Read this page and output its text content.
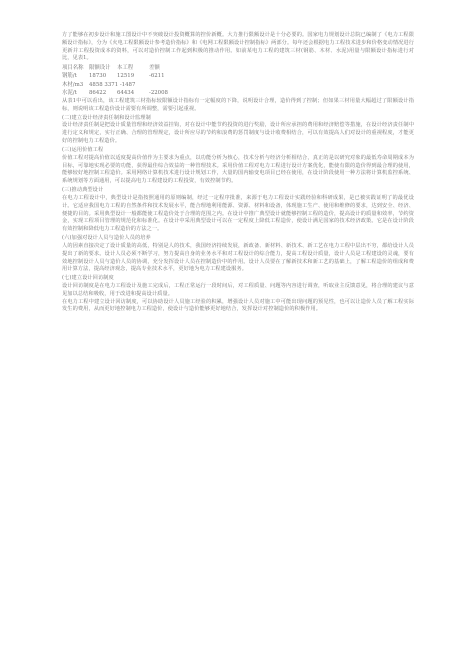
方了能够在初步设计和施工图设计中不突破设计投资概算的控价新概。大力推行限额设计是十分必要的。国家电力规划设计总院已编制了《电力工程限额设计指标》，分为《火电工程限额设计参考造价指标》和《电网工程限额设计控制指标》两部分。每年还会根据电力工程技术进步和价格变动情况进行更新并工程投资成本的资料，可以对造价控制工作起到积极的推动作用。如前某电力工程的建筑三材(钢筋、木材、水泥)用量与限额设计指标进行对比，见表1。

项目名称	限额设计	本工程	差额
钢筋/t	18730	12519	-6211
木材/m3	4858 3371 -1487
水泥/t	86422	64434	-22008

从表1中可以看出，该工程建筑三材指标较限额设计指标有一定幅度的下降，说明设计合理，造价得到了控制；但如果三材用量大幅超过了限额设计指标，则说明该工程造价设计需要有所调整，需要引起重视。

(二)建立设计经济责任制和设计监理制

设计经济责任制是把设计质量管理和经济效益挂钩，对在设计中能节约投资的进行奖励，设计所应承担的费用和经济赔偿等措施，在设计经济责任制中进行定义和规定，实行正确、合理的管理规定，设计所应尽的节约和浪费的惩罚制度与设计收费相结合，可以有效提高人们对设计的重视程度，才能更好的控制电力工程造价。

(三)运用价值工程

价值工程对提高价值以适度提高价值作为主要求为重点，以功能分析为核心，技术分析与经济分析相结合，真正的是以研究对象的最低寿命周期成本为目标，可靠地实现必要的功能，获得最佳综合效益的一种管理技术。采用价值工程对电力工程进行设计方案优化，能使有限的造价得到最合理的使用，能够较好地控制工程造价。采用网络计算机技术进行设计规划工作，大量的国内输变电项目已经在使用，在设计阶段使用一种方法将计算机监控系统、系统规划等方面通用，可以提高电力工程建设的工程投资，有效控制节约。

(三)推动典型设计

在电力工程设计中，典型设计是指按照通用的原则编制，经过一定程序批准，来源于电力工程设计实践经验和科研成果，是已被实践证明了的最优设计。它适应我国电力工程的自然条件和技术发展水平，能合理地利用能源、资源、材料和设备，体现施工生产、使用和维修的要求，达到安全、经济、便捷的目的。采用典型设计一般都能使工程造价处于合理的范围之内。在设计中推广典型设计就能够控制工程的造价，提高设计的质量和效率，节约资金，实现工程项目管理的规范化和标准化。在设计中采用典型设计可以在一定程度上降低工程造价，使设计满足国家的技术经济政策。它是在设计阶段有效控制和降低电力工程造价的方法之一。

(六)加强对设计人员与造价人员的培养

人的因素直接决定了设计质量的高低，特别是人的技术，我国经济持续发展，新政备、新材料、新技术、新工艺在电力工程中层出不穷，都给设计人员提出了新的要求。设计人员必须不断学习，努力提高自身的业务水平和对工程设计的综合能力，提高工程设计质量，设计人员是工程建设的灵魂，要有效地控制设计人员与造价人员的协调，充分发挥设计人员在控制造价中的作用。设计人员要在了解新技术和新工艺的基础上，了解工程造价的组成和费用计算方法，提高经济观念，提高专业技术水平，更好地为电力工程建设服务。

(七)建立设计回访制度

设计回访制度是在电力工程设计及施工完成后，工程正常运行一段时间后，对工程质量、问题等内容进行调查，听取业主反馈意见，将合理的建议与意见加以总结和吸收，用于改进和提高设计质量。

在电力工程中建立设计回访制度，可以协助设计人员施工经验的积累，增强设计人员对施工中可能出现问题的预见性，也可以让造价人员了解工程实际发生的费用，从而更好地控制电力工程造价，使设计与造价能够更好地结合，发挥设计对控制造价的积极作用。
